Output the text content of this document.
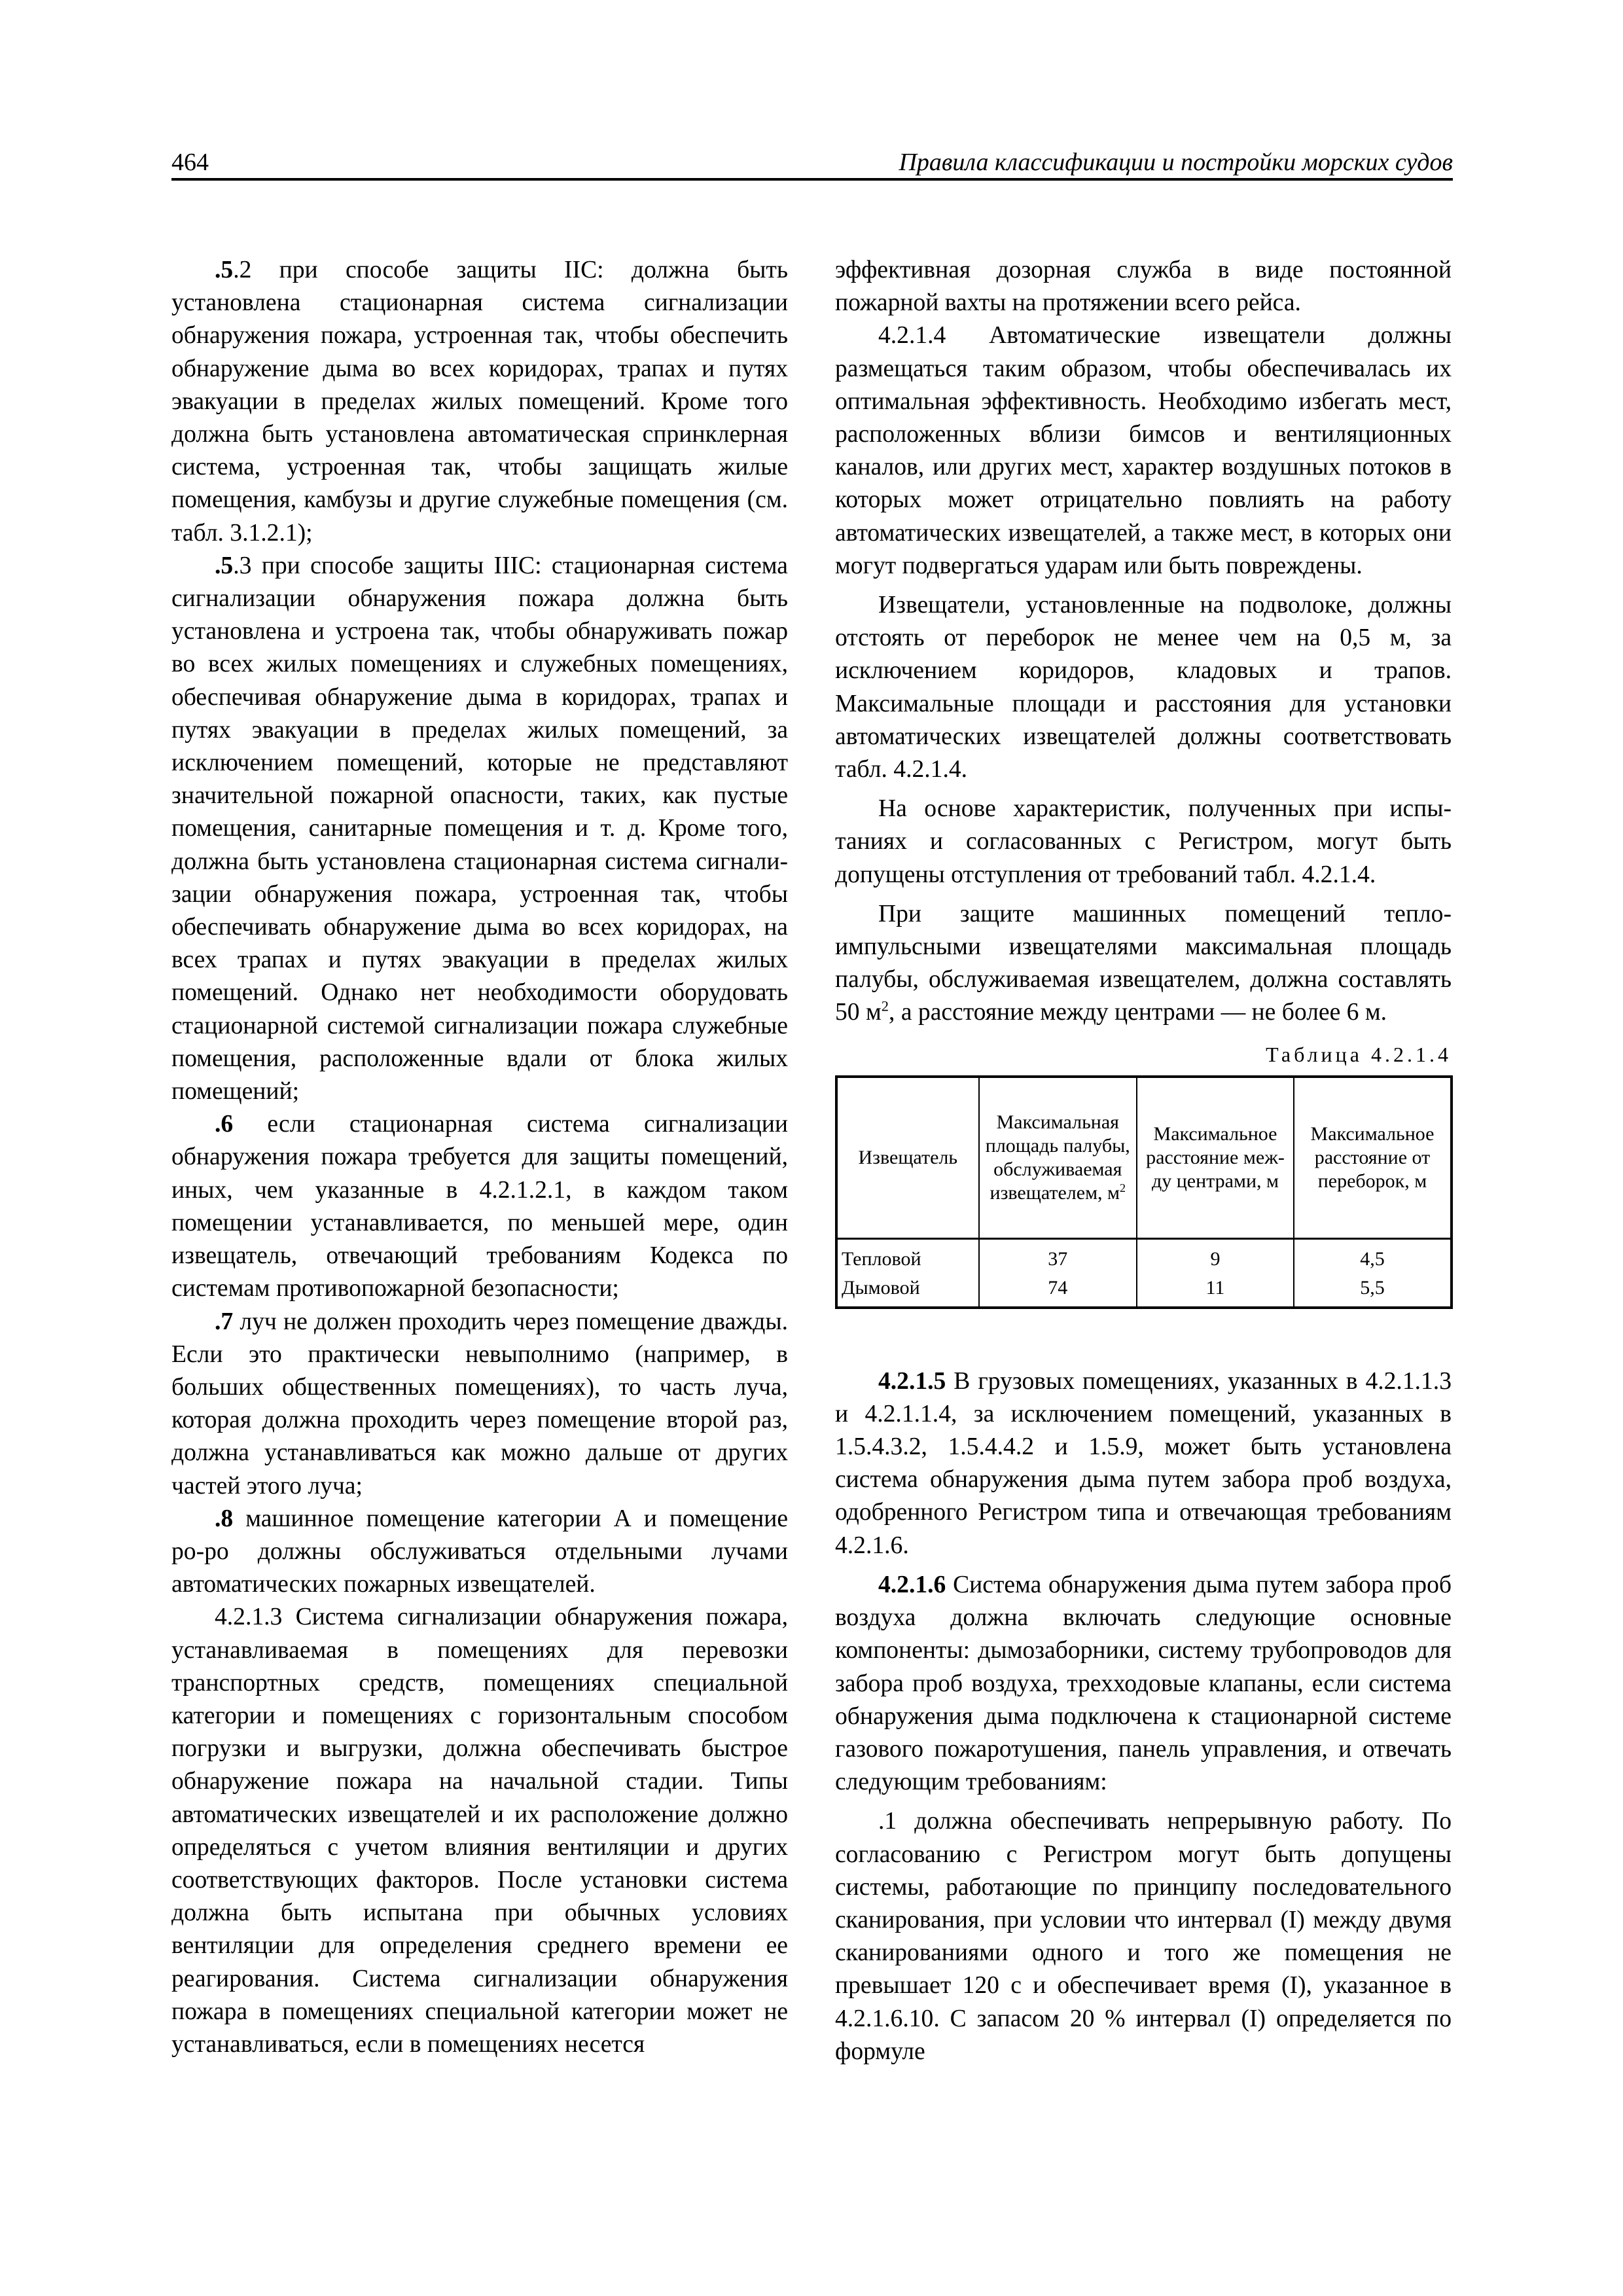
464	Правила классификации и постройки морских судов

.5.2 при способе защиты IIС: должна быть установлена стационарная система сигнализации обнаружения пожара, устроенная так, чтобы обеспечить обнаружение дыма во всех коридорах, трапах и путях эвакуации в пределах жилых помещений. Кроме того должна быть установлена автоматическая спринклерная система, устроенная так, чтобы защищать жилые помещения, камбузы и другие служебные помещения (см. табл. 3.1.2.1);

.5.3 при способе защиты IIIС: стационарная система сигнализации обнаружения пожара должна быть установлена и устроена так, чтобы обнаруживать пожар во всех жилых помещениях и служебных помещениях, обеспечивая обнаружение дыма в коридорах, трапах и путях эвакуации в пределах жилых помещений, за исключением помещений, которые не представляют значительной пожарной опасности, таких, как пустые помещения, санитарные помещения и т. д. Кроме того, должна быть установлена стационарная система сигнали-зации обнаружения пожара, устроенная так, чтобы обеспечивать обнаружение дыма во всех коридорах, на всех трапах и путях эвакуации в пределах жилых помещений. Однако нет необходимости оборудовать стационарной системой сигнализации пожара служебные помещения, расположенные вдали от блока жилых помещений;

.6 если стационарная система сигнализации обнаружения пожара требуется для защиты помещений, иных, чем указанные в 4.2.1.2.1, в каждом таком помещении устанавливается, по меньшей мере, один извещатель, отвечающий требованиям Кодекса по системам противопожарной безопасности;

.7 луч не должен проходить через помещение дважды. Если это практически невыполнимо (например, в больших общественных помещениях), то часть луча, которая должна проходить через помещение второй раз, должна устанавливаться как можно дальше от других частей этого луча;

.8 машинное помещение категории А и помещение ро-ро должны обслуживаться отдельными лучами автоматических пожарных извещателей.

4.2.1.3 Система сигнализации обнаружения пожара, устанавливаемая в помещениях для перевозки транспортных средств, помещениях специальной категории и помещениях с горизонтальным способом погрузки и выгрузки, должна обеспечивать быстрое обнаружение пожара на начальной стадии. Типы автоматических извещателей и их расположение должно определяться с учетом влияния вентиляции и других соответствующих факторов. После установки система должна быть испытана при обычных условиях вентиляции для определения среднего времени ее реагирования. Система сигнализации обнаружения пожара в помещениях специальной категории может не устанавливаться, если в помещениях несется

эффективная дозорная служба в виде постоянной пожарной вахты на протяжении всего рейса.

4.2.1.4 Автоматические извещатели должны размещаться таким образом, чтобы обеспечивалась их оптимальная эффективность. Необходимо избегать мест, расположенных вблизи бимсов и вентиляционных каналов, или других мест, характер воздушных потоков в которых может отрицательно повлиять на работу автоматических извещателей, а также мест, в которых они могут подвергаться ударам или быть повреждены.

Извещатели, установленные на подволоке, должны отстоять от переборок не менее чем на 0,5 м, за исключением коридоров, кладовых и трапов. Максимальные площади и расстояния для установки автоматических извещателей должны соответствовать табл. 4.2.1.4.

На основе характеристик, полученных при испытаниях и согласованных с Регистром, могут быть допущены отступления от требований табл. 4.2.1.4.

При защите машинных помещений теплоимпульсными извещателями максимальная площадь палубы, обслуживаемая извещателем, должна составлять 50 $м^2$, а расстояние между центрами — не более 6 м.

Таблица 4.2.1.4
Извещатель	Максимальная площадь палубы, обслуживаемая извещателем, $м^2$	Максимальное расстояние между центрами, м	Максимальное расстояние от переборок, м
Тепловой	37	9	4,5
Дымовой	74	11	5,5

4.2.1.5 В грузовых помещениях, указанных в 4.2.1.1.3 и 4.2.1.1.4, за исключением помещений, указанных в 1.5.4.3.2, 1.5.4.4.2 и 1.5.9, может быть установлена система обнаружения дыма путем забора проб воздуха, одобренного Регистром типа и отвечающая требованиям 4.2.1.6.

4.2.1.6 Система обнаружения дыма путем забора проб воздуха должна включать следующие основные компоненты: дымозаборники, систему трубопроводов для забора проб воздуха, трехходовые клапаны, если система обнаружения дыма подключена к стационарной системе газового пожаротушения, панель управления, и отвечать следующим требованиям:

.1 должна обеспечивать непрерывную работу. По согласованию с Регистром могут быть допущены системы, работающие по принципу последовательного сканирования, при условии что интервал (I) между двумя сканированиями одного и того же помещения не превышает 120 с и обеспечивает время (I), указанное в 4.2.1.6.10. С запасом 20 % интервал (I) определяется по формуле
